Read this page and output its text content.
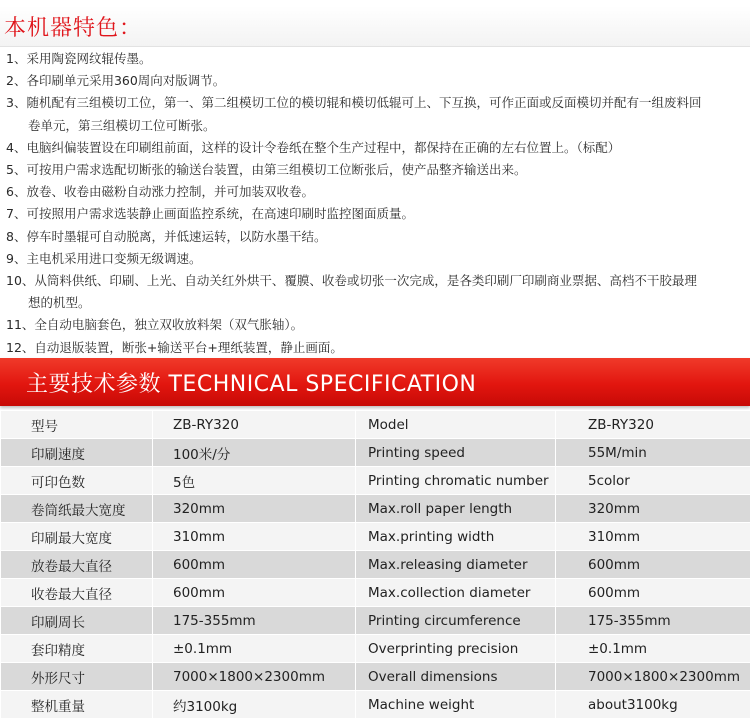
本机器特色：
1、采用陶瓷网纹辊传墨。
2、各印刷单元采用360周向对版调节。
3、随机配有三组模切工位，第一、第二组模切工位的模切辊和模切低辊可上、下互换，可作正面或反面模切并配有一组废料回
卷单元，第三组模切工位可断张。
4、电脑纠偏装置设在印刷组前面，这样的设计令卷纸在整个生产过程中，都保持在正确的左右位置上。（标配）
5、可按用户需求选配切断张的输送台装置，由第三组模切工位断张后，使产品整齐输送出来。
6、放卷、收卷由磁粉自动涨力控制，并可加装双收卷。
7、可按照用户需求选装静止画面监控系统，在高速印刷时监控图面质量。
8、停车时墨辊可自动脱离，并低速运转，以防水墨干结。
9、主电机采用进口变频无级调速。
10、从筒料供纸、印刷、上光、自动关红外烘干、覆膜、收卷或切张一次完成，是各类印刷厂印刷商业票据、高档不干胶最理
想的机型。
11、全自动电脑套色，独立双收放料架（双气胀轴）。
12、自动退版装置，断张+输送平台+理纸装置，静止画面。
主要技术参数 TECHNICAL SPECIFICATION
型号	ZB-RY320	Model	ZB-RY320
印刷速度	100米/分	Printing speed	55M/min
可印色数	5色	Printing chromatic number	5color
卷筒纸最大宽度	320mm	Max.roll paper length	320mm
印刷最大宽度	310mm	Max.printing width	310mm
放卷最大直径	600mm	Max.releasing diameter	600mm
收卷最大直径	600mm	Max.collection diameter	600mm
印刷周长	175-355mm	Printing circumference	175-355mm
套印精度	±0.1mm	Overprinting precision	±0.1mm
外形尺寸	7000×1800×2300mm	Overall dimensions	7000×1800×2300mm
整机重量	约3100kg	Machine weight	about3100kg
